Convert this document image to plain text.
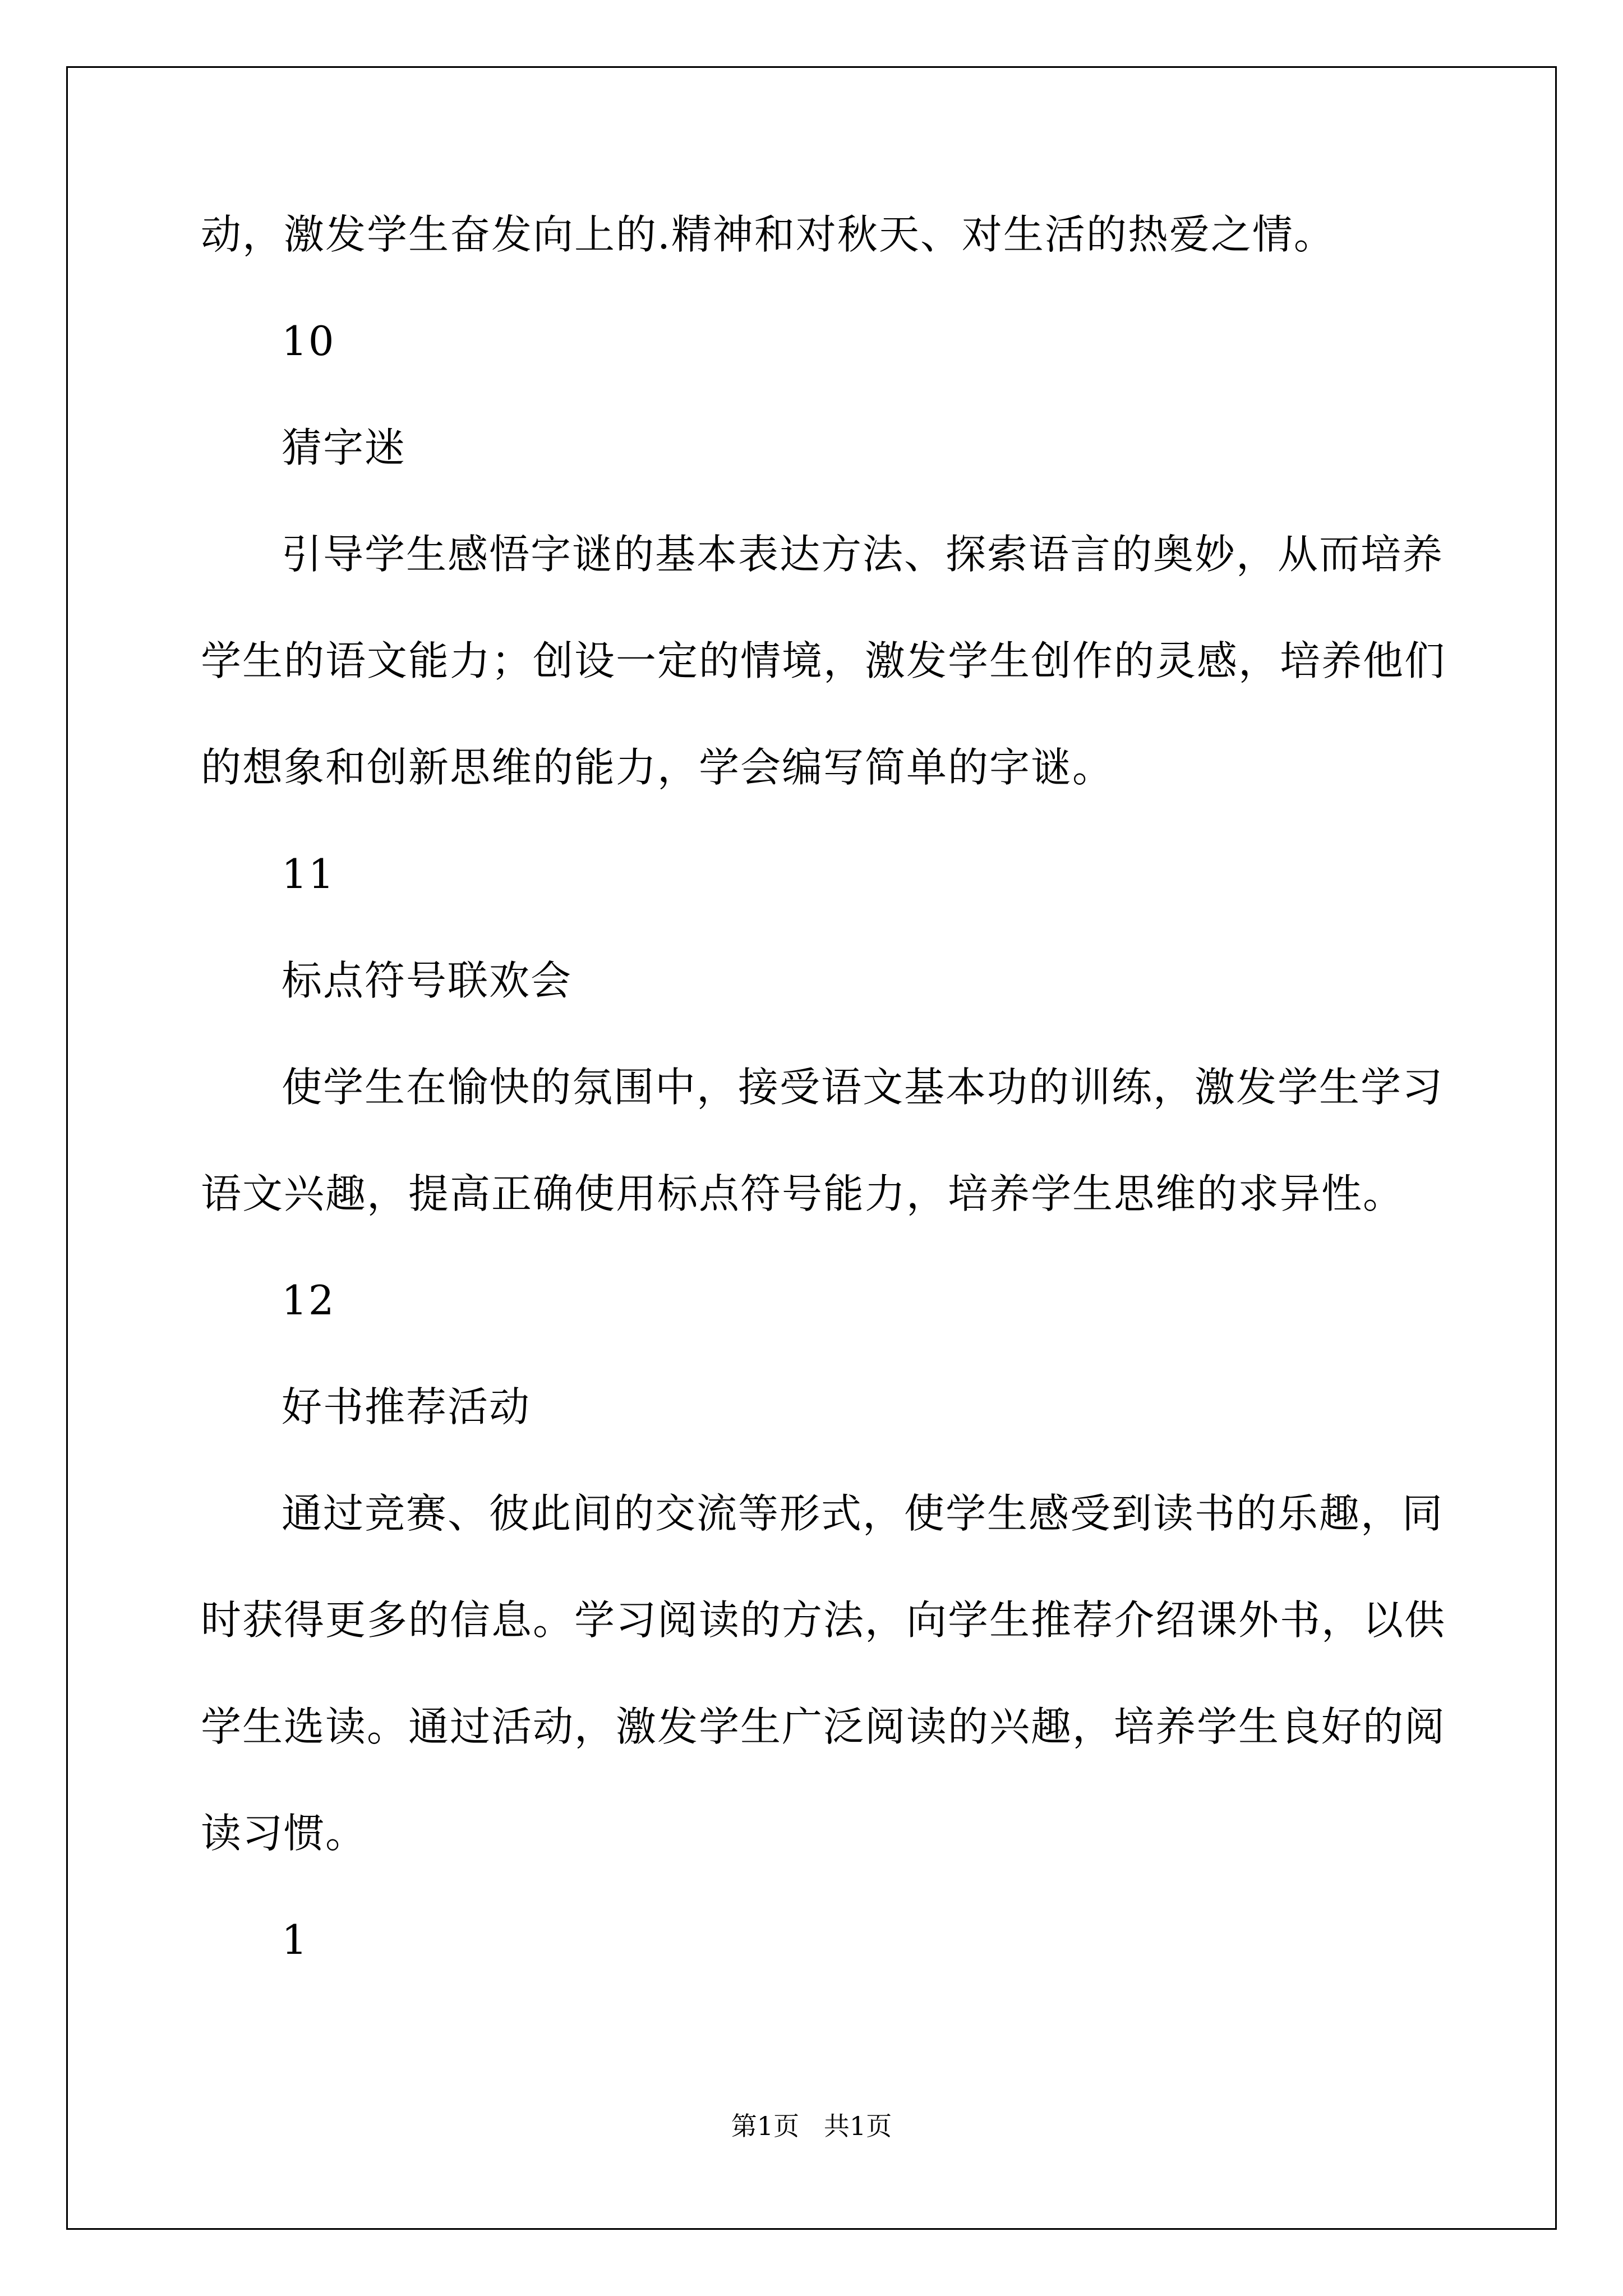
动，激发学生奋发向上的.精神和对秋天、对生活的热爱之情。
10
猜字迷
引导学生感悟字谜的基本表达方法、探索语言的奥妙，从而培养
学生的语文能力；创设一定的情境，激发学生创作的灵感，培养他们
的想象和创新思维的能力，学会编写简单的字谜。
11
标点符号联欢会
使学生在愉快的氛围中，接受语文基本功的训练，激发学生学习
语文兴趣，提高正确使用标点符号能力，培养学生思维的求异性。
12
好书推荐活动
通过竞赛、彼此间的交流等形式，使学生感受到读书的乐趣，同
时获得更多的信息。学习阅读的方法，向学生推荐介绍课外书，以供
学生选读。通过活动，激发学生广泛阅读的兴趣，培养学生良好的阅
读习惯。
1
第1页   共1页
